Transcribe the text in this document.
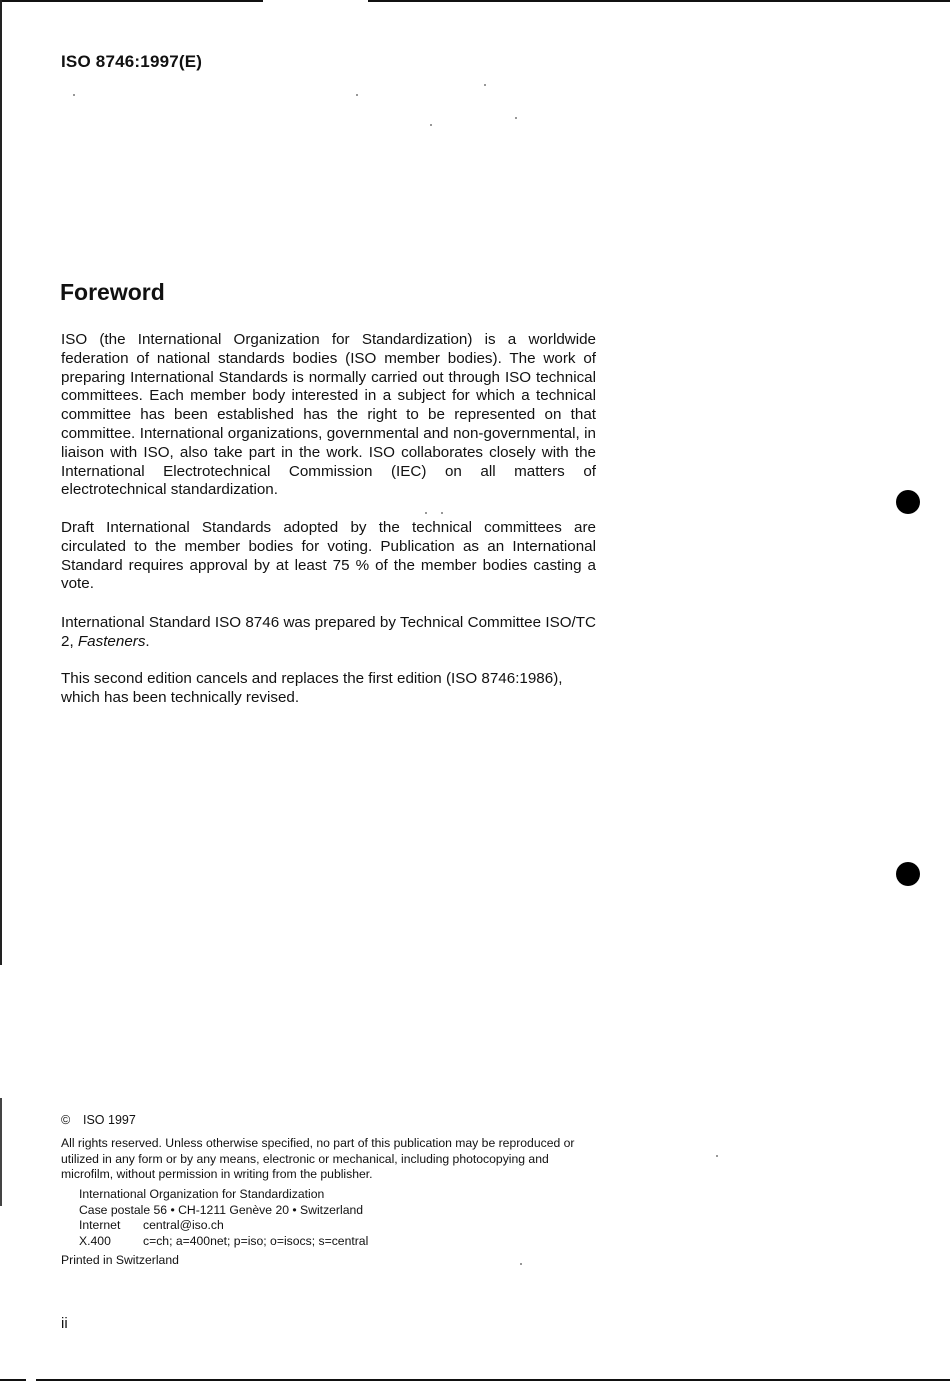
ISO 8746:1997(E)

Foreword

ISO (the International Organization for Standardization) is a worldwide federation of national standards bodies (ISO member bodies). The work of preparing International Standards is normally carried out through ISO technical committees. Each member body interested in a subject for which a technical committee has been established has the right to be represented on that committee. International organizations, governmental and non-governmental, in liaison with ISO, also take part in the work. ISO collaborates closely with the International Electrotechnical Commission (IEC) on all matters of electrotechnical standardization.

Draft International Standards adopted by the technical committees are circulated to the member bodies for voting. Publication as an International Standard requires approval by at least 75 % of the member bodies casting a vote.

International Standard ISO 8746 was prepared by Technical Committee ISO/TC 2, Fasteners.

This second edition cancels and replaces the first edition (ISO 8746:1986), which has been technically revised.

© ISO 1997

All rights reserved. Unless otherwise specified, no part of this publication may be reproduced or utilized in any form or by any means, electronic or mechanical, including photocopying and microfilm, without permission in writing from the publisher.

International Organization for Standardization
Case postale 56 • CH-1211 Genève 20 • Switzerland
Internet	central@iso.ch
X.400	c=ch; a=400net; p=iso; o=isocs; s=central

Printed in Switzerland

ii
